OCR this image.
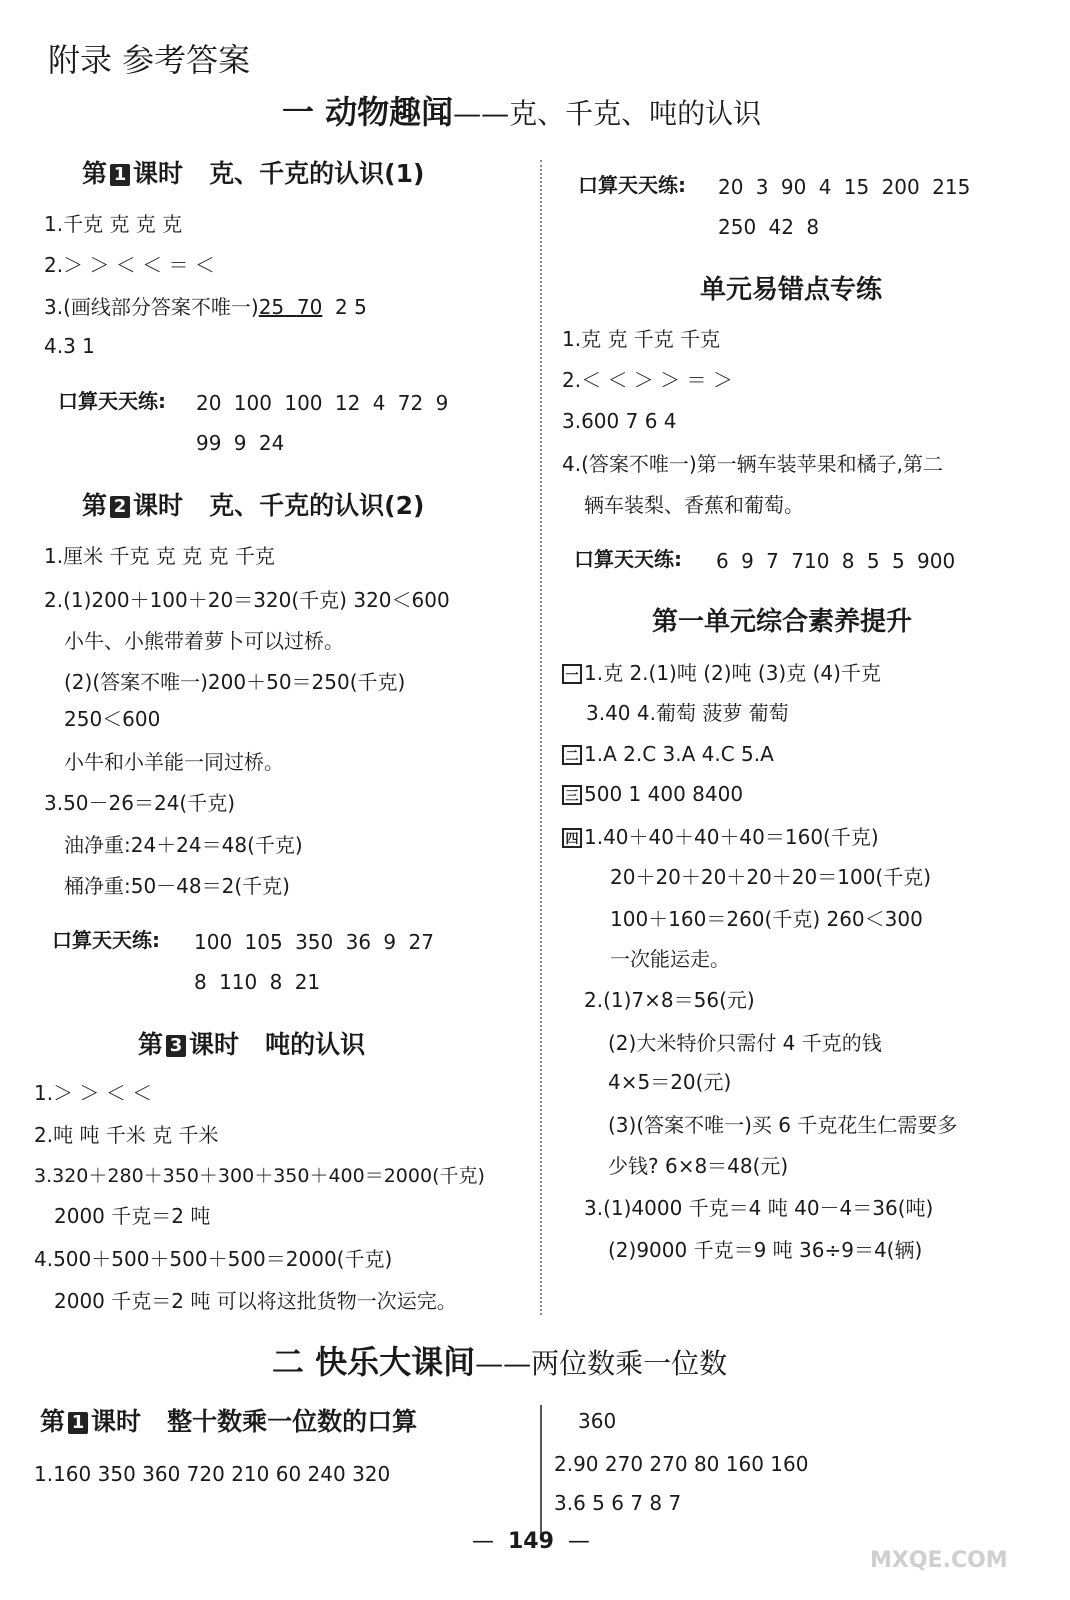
附录 参考答案
一 动物趣闻——克、千克、吨的认识
第 1 课时 克、千克的认识(1)
1.千克 克 克 克
2.＞ ＞ ＜ ＜ ＝ ＜
3.(画线部分答案不唯一)25 70 2 5
4.3 1
口算天天练: 20 100 100 12 4 72 9
99 9 24
第 2 课时 克、千克的认识(2)
1.厘米 千克 克 克 克 千克
2.(1)200＋100＋20＝320(千克) 320＜600
小牛、小熊带着萝卜可以过桥。
(2)(答案不唯一)200＋50＝250(千克)
250＜600
小牛和小羊能一同过桥。
3.50－26＝24(千克)
油净重:24＋24＝48(千克)
桶净重:50－48＝2(千克)
口算天天练: 100 105 350 36 9 27
8 110 8 21
第 3 课时 吨的认识
1.＞ ＞ ＜ ＜
2.吨 吨 千米 克 千米
3.320＋280＋350＋300＋350＋400＝2000(千克)
2000 千克＝2 吨
4.500＋500＋500＋500＝2000(千克)
2000 千克＝2 吨 可以将这批货物一次运完。
口算天天练: 20 3 90 4 15 200 215
250 42 8
单元易错点专练
1.克 克 千克 千克
2.＜ ＜ ＞ ＞ ＝ ＞
3.600 7 6 4
4.(答案不唯一)第一辆车装苹果和橘子,第二
辆车装梨、香蕉和葡萄。
口算天天练: 6 9 7 710 8 5 5 900
第一单元综合素养提升
一 1.克 2.(1)吨 (2)吨 (3)克 (4)千克
3.40 4.葡萄 菠萝 葡萄
二 1.A 2.C 3.A 4.C 5.A
三 500 1 400 8400
四 1.40＋40＋40＋40＝160(千克)
20＋20＋20＋20＋20＝100(千克)
100＋160＝260(千克) 260＜300
一次能运走。
2.(1)7×8＝56(元)
(2)大米特价只需付 4 千克的钱
4×5＝20(元)
(3)(答案不唯一)买 6 千克花生仁需要多
少钱? 6×8＝48(元)
3.(1)4000 千克＝4 吨 40－4＝36(吨)
(2)9000 千克＝9 吨 36÷9＝4(辆)
二 快乐大课间——两位数乘一位数
第 1 课时 整十数乘一位数的口算
1.160 350 360 720 210 60 240 320
360
2.90 270 270 80 160 160
3.6 5 6 7 8 7
—  149  —
MXQE.COM
